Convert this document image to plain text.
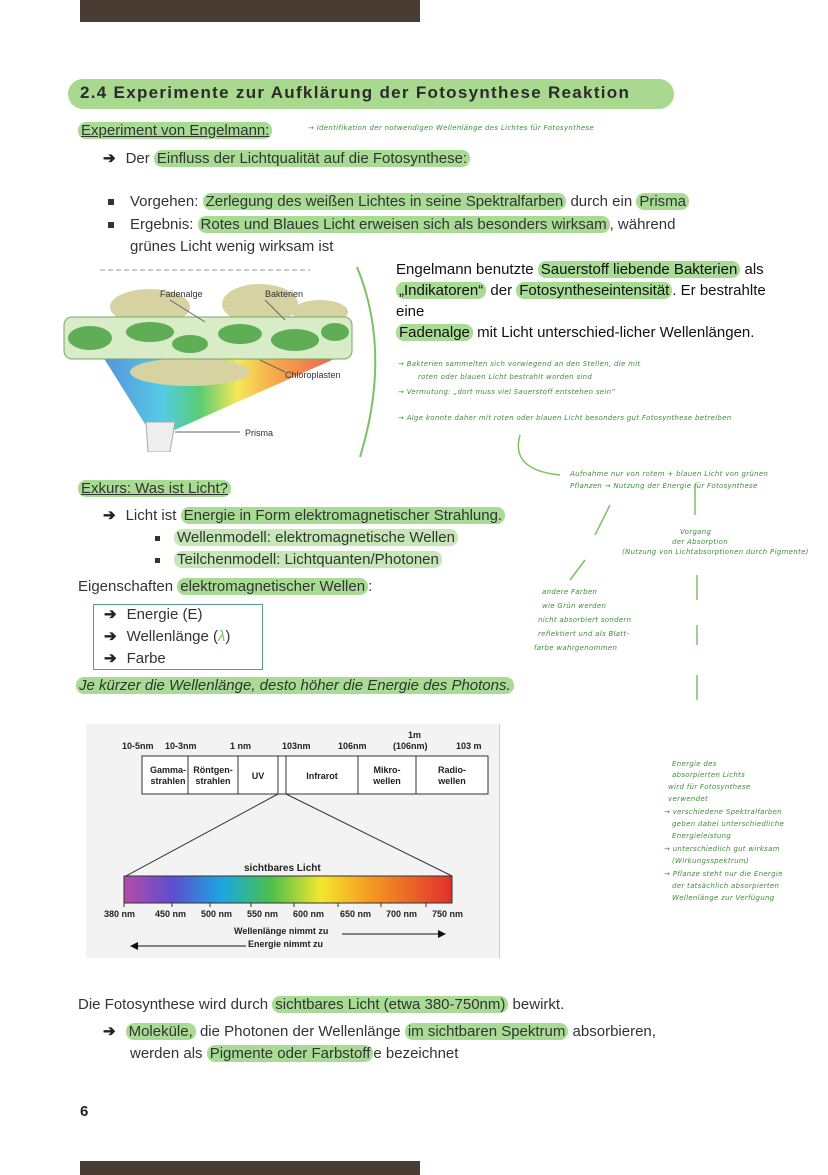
2.4 Experimente zur Aufklärung der Fotosynthese Reaktion
Experiment von Engelmann:	→ Identifikation der notwendigen Wellenlänge des Lichtes für Fotosynthese
➔ Der Einfluss der Lichtqualität auf die Fotosynthese:
Vorgehen: Zerlegung des weißen Lichtes in seine Spektralfarben durch ein Prisma
Ergebnis: Rotes und Blaues Licht erweisen sich als besonders wirksam , während
grünes Licht wenig wirksam ist
Fadenalge	Bakterien
Chloroplasten
Prisma
Engelmann benutzte Sauerstoff liebende Bakterien als
„Indikatoren“ der Fotosyntheseintensität . Er bestrahlte eine
Fadenalge mit Licht unterschied-licher Wellenlängen.
→ Bakterien sammelten sich vorwiegend an den Stellen, die mit
roten oder blauen Licht bestrahlt worden sind
→ Vermutung: „dort muss viel Sauerstoff entstehen sein“
→ Alge konnte daher mit roten oder blauen Licht besonders gut Fotosynthese betreiben
Aufnahme nur von rotem + blauen Licht von grünen
Pflanzen → Nutzung der Energie für Fotosynthese
Vorgang
der Absorption
(Nutzung von Lichtabsorptionen durch Pigmente)
andere Farben
wie Grün werden
nicht absorbiert sondern
reflektiert und als Blatt-
farbe wahrgenommen
Energie des
absorpierten Lichts
wird für Fotosynthese
verwendet
→ verschiedene Spektralfarben
geben dabei unterschiedliche
Energieleistung
→ unterschiedlich gut wirksam
(Wirkungsspektrum)
→ Pflanze steht nur die Energie
der tatsächlich absorpierten
Wellenlänge zur Verfügung
Exkurs: Was ist Licht?
➔ Licht ist Energie in Form elektromagnetischer Strahlung.
Wellenmodell: elektromagnetische Wellen
Teilchenmodell: Lichtquanten/Photonen
Eigenschaften elektromagnetischer Wellen :
➔ Energie (E)
➔ Wellenlänge (λ)
➔ Farbe
Je kürzer die Wellenlänge, desto höher die Energie des Photons.
1m
10-5nm 10-3nm	1 nm	103nm	106nm	(106nm)	103 m
Gamma-
strahlen
Röntgen-
strahlen	UV	Infrarot
Mikro-
wellen
Radio-
wellen
sichtbares Licht
380 nm 450 nm 500 nm 550 nm 600 nm 650 nm 700 nm 750 nm
Wellenlänge nimmt zu
Energie nimmt zu
Die Fotosynthese wird durch sichtbares Licht (etwa 380-750nm) bewirkt.
➔ Moleküle, die Photonen der Wellenlänge im sichtbaren Spektrum absorbieren,
werden als Pigmente oder Farbstoff e bezeichnet
6
